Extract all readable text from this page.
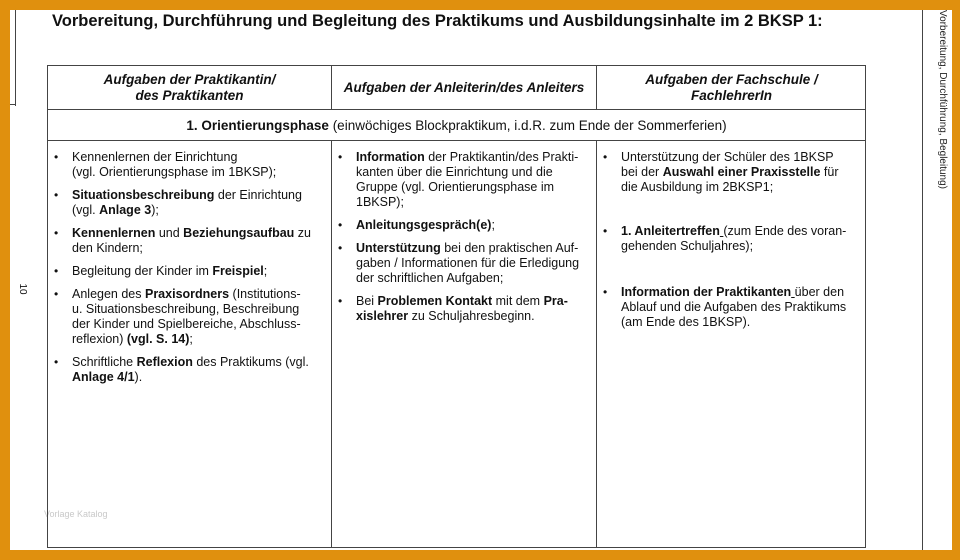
Vorbereitung, Durchführung und Begleitung des Praktikums und Ausbildungsinhalte im 2 BKSP 1:
10
Vorbereitung, Durchführung, Begleitung)
Vorlage Katalog
Aufgaben der Praktikantin/
des Praktikanten
Aufgaben der Anleiterin/des Anleiters
Aufgaben der Fachschule /
FachlehrerIn
1. Orientierungsphase (einwöchiges Blockpraktikum, i.d.R. zum Ende der Sommerferien)
• Kennenlernen der Einrichtung
(vgl. Orientierungsphase im 1BKSP);
• Situationsbeschreibung der Einrichtung
(vgl. Anlage 3);
• Kennenlernen und Beziehungsaufbau zu
den Kindern;
• Begleitung der Kinder im Freispiel;
• Anlegen des Praxisordners (Institutions-
u. Situationsbeschreibung, Beschreibung
der Kinder und Spielbereiche, Abschluss-
reflexion) (vgl. S. 14);
• Schriftliche Reflexion des Praktikums (vgl.
Anlage 4/1).
• Information der Praktikantin/des Prakti-
kanten über die Einrichtung und die
Gruppe (vgl. Orientierungsphase im
1BKSP);
• Anleitungsgespräch(e);
• Unterstützung bei den praktischen Auf-
gaben / Informationen für die Erledigung
der schriftlichen Aufgaben;
• Bei Problemen Kontakt mit dem Pra-
xislehrer zu Schuljahresbeginn.
• Unterstützung der Schüler des 1BKSP
bei der Auswahl einer Praxisstelle für
die Ausbildung im 2BKSP1;
• 1. Anleitertreffen (zum Ende des voran-
gehenden Schuljahres);
• Information der Praktikanten über den
Ablauf und die Aufgaben des Praktikums
(am Ende des 1BKSP).
